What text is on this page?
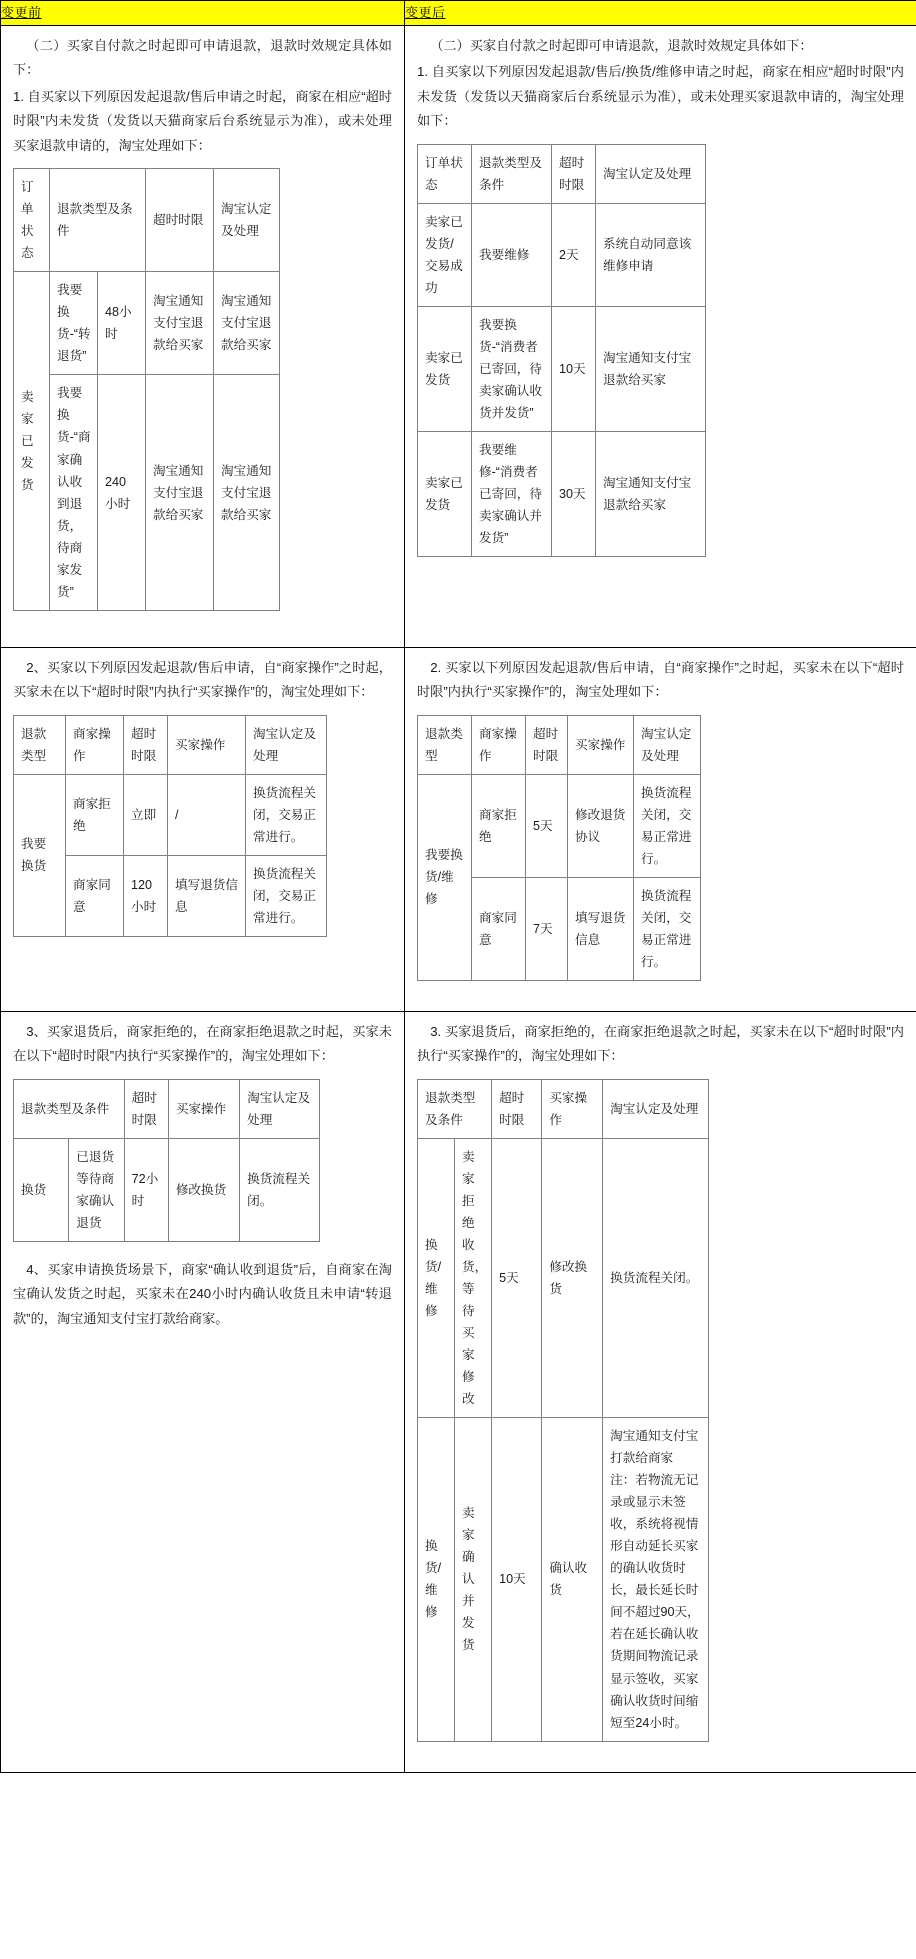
变更前	变更后

（二）买家自付款之时起即可申请退款，退款时效规定具体如下：

1. 自买家以下列原因发起退款/售后申请之时起，商家在相应“超时时限”内未发货（发货以天猫商家后台系统显示为准），或未处理买家退款申请的，淘宝处理如下：

订单状态	退款类型及条件	超时时限	淘宝认定及处理
卖家已发货	我要换货-“转退货”	48小时	淘宝通知支付宝退款给买家	淘宝通知支付宝退款给买家
我要换货-“商家确认收到退货，待商家发货”	240小时	淘宝通知支付宝退款给买家	淘宝通知支付宝退款给买家

（二）买家自付款之时起即可申请退款，退款时效规定具体如下：

1. 自买家以下列原因发起退款/售后/换货/维修申请之时起，商家在相应“超时时限”内未发货（发货以天猫商家后台系统显示为准），或未处理买家退款申请的，淘宝处理如下：

订单状态	退款类型及条件	超时时限	淘宝认定及处理
卖家已发货/交易成功	我要维修	2天	系统自动同意该维修申请
卖家已发货	我要换货-“消费者已寄回，待卖家确认收货并发货”	10天	淘宝通知支付宝退款给买家
卖家已发货	我要维修-“消费者已寄回，待卖家确认并发货”	30天	淘宝通知支付宝退款给买家

2、买家以下列原因发起退款/售后申请，自“商家操作”之时起，买家未在以下“超时时限”内执行“买家操作”的，淘宝处理如下：

退款类型	商家操作	超时时限	买家操作	淘宝认定及处理
我要换货	商家拒绝	立即	/	换货流程关闭，交易正常进行。
商家同意	120小时	填写退货信息	换货流程关闭，交易正常进行。

2. 买家以下列原因发起退款/售后申请，自“商家操作”之时起，买家未在以下“超时时限”内执行“买家操作”的，淘宝处理如下：

退款类型	商家操作	超时时限	买家操作	淘宝认定及处理
我要换货/维修	商家拒绝	5天	修改退货协议	换货流程关闭，交易正常进行。
商家同意	7天	填写退货信息	换货流程关闭，交易正常进行。

3、买家退货后，商家拒绝的，在商家拒绝退款之时起，买家未在以下“超时时限”内执行“买家操作”的，淘宝处理如下：

退款类型及条件	超时时限	买家操作	淘宝认定及处理
换货	已退货等待商家确认退货	72小时	修改换货	换货流程关闭。

4、买家申请换货场景下，商家“确认收到退货”后，自商家在淘宝确认发货之时起，买家未在240小时内确认收货且未申请“转退款”的，淘宝通知支付宝打款给商家。

3. 买家退货后，商家拒绝的，在商家拒绝退款之时起，买家未在以下“超时时限”内执行“买家操作”的，淘宝处理如下：

退款类型及条件	超时时限	买家操作	淘宝认定及处理
换货/维修	卖家拒绝收货，等待买家修改	5天	修改换货	换货流程关闭。
换货/维修	卖家确认并发货	10天	确认收货	淘宝通知支付宝打款给商家 注：若物流无记录或显示未签收，系统将视情形自动延长买家的确认收货时长，最长延长时间不超过90天，若在延长确认收货期间物流记录显示签收，买家确认收货时间缩短至24小时。
